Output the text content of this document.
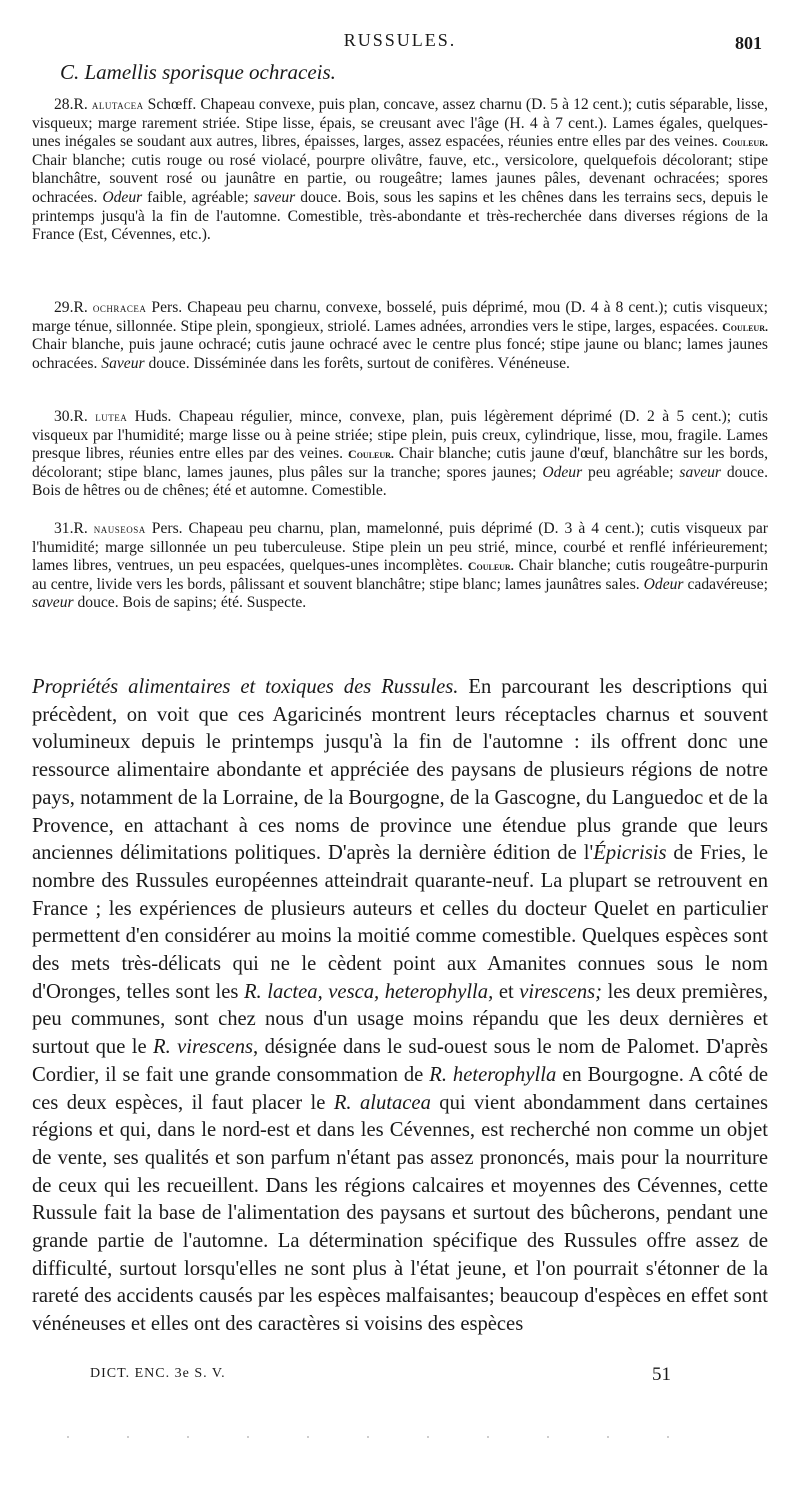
RUSSULES.	801
C. Lamellis sporisque ochraceis.
28.R. alutacea Schœff. Chapeau convexe, puis plan, concave, assez charnu (D. 5 à 12 cent.); cutis séparable, lisse, visqueux; marge rarement striée. Stipe lisse, épais, se creusant avec l'âge (H. 4 à 7 cent.). Lames égales, quelques-unes inégales se soudant aux autres, libres, épaisses, larges, assez espacées, réunies entre elles par des veines. Couleur. Chair blanche; cutis rouge ou rosé violacé, pourpre olivâtre, fauve, etc., versicolore, quelquefois décolorant; stipe blanchâtre, souvent rosé ou jaunâtre en partie, ou rougeâtre; lames jaunes pâles, devenant ochracées; spores ochracées. Odeur faible, agréable; saveur douce. Bois, sous les sapins et les chênes dans les terrains secs, depuis le printemps jusqu'à la fin de l'automne. Comestible, très-abondante et très-recherchée dans diverses régions de la France (Est, Cévennes, etc.).
29.R. ochracea Pers. Chapeau peu charnu, convexe, bosselé, puis déprimé, mou (D. 4 à 8 cent.); cutis visqueux; marge ténue, sillonnée. Stipe plein, spongieux, striolé. Lames adnées, arrondies vers le stipe, larges, espacées. Couleur. Chair blanche, puis jaune ochracé; cutis jaune ochracé avec le centre plus foncé; stipe jaune ou blanc; lames jaunes ochracées. Saveur douce. Disséminée dans les forêts, surtout de conifères. Vénéneuse.
30.R. lutea Huds. Chapeau régulier, mince, convexe, plan, puis légèrement déprimé (D. 2 à 5 cent.); cutis visqueux par l'humidité; marge lisse ou à peine striée; stipe plein, puis creux, cylindrique, lisse, mou, fragile. Lames presque libres, réunies entre elles par des veines. Couleur. Chair blanche; cutis jaune d'œuf, blanchâtre sur les bords, décolorant; stipe blanc, lames jaunes, plus pâles sur la tranche; spores jaunes; Odeur peu agréable; saveur douce. Bois de hêtres ou de chênes; été et automne. Comestible.
31.R. nauseosa Pers. Chapeau peu charnu, plan, mamelonné, puis déprimé (D. 3 à 4 cent.); cutis visqueux par l'humidité; marge sillonnée un peu tuberculeuse. Stipe plein un peu strié, mince, courbé et renflé inférieurement; lames libres, ventrues, un peu espacées, quelques-unes incomplètes. Couleur. Chair blanche; cutis rougeâtre-purpurin au centre, livide vers les bords, pâlissant et souvent blanchâtre; stipe blanc; lames jaunâtres sales. Odeur cadavéreuse; saveur douce. Bois de sapins; été. Suspecte.
Propriétés alimentaires et toxiques des Russules. En parcourant les descriptions qui précèdent, on voit que ces Agaricinés montrent leurs réceptacles charnus et souvent volumineux depuis le printemps jusqu'à la fin de l'automne : ils offrent donc une ressource alimentaire abondante et appréciée des paysans de plusieurs régions de notre pays, notamment de la Lorraine, de la Bourgogne, de la Gascogne, du Languedoc et de la Provence, en attachant à ces noms de province une étendue plus grande que leurs anciennes délimitations politiques. D'après la dernière édition de l'Épicrisis de Fries, le nombre des Russules européennes atteindrait quarante-neuf. La plupart se retrouvent en France ; les expériences de plusieurs auteurs et celles du docteur Quelet en particulier permettent d'en considérer au moins la moitié comme comestible. Quelques espèces sont des mets très-délicats qui ne le cèdent point aux Amanites connues sous le nom d'Oronges, telles sont les R. lactea, vesca, heterophylla, et virescens; les deux premières, peu communes, sont chez nous d'un usage moins répandu que les deux dernières et surtout que le R. virescens, désignée dans le sud-ouest sous le nom de Palomet. D'après Cordier, il se fait une grande consommation de R. heterophylla en Bourgogne. A côté de ces deux espèces, il faut placer le R. alutacea qui vient abondamment dans certaines régions et qui, dans le nord-est et dans les Cévennes, est recherché non comme un objet de vente, ses qualités et son parfum n'étant pas assez prononcés, mais pour la nourriture de ceux qui les recueillent. Dans les régions calcaires et moyennes des Cévennes, cette Russule fait la base de l'alimentation des paysans et surtout des bûcherons, pendant une grande partie de l'automne. La détermination spécifique des Russules offre assez de difficulté, surtout lorsqu'elles ne sont plus à l'état jeune, et l'on pourrait s'étonner de la rareté des accidents causés par les espèces malfaisantes; beaucoup d'espèces en effet sont vénéneuses et elles ont des caractères si voisins des espèces
DICT. ENC. 3e S. V.	51
